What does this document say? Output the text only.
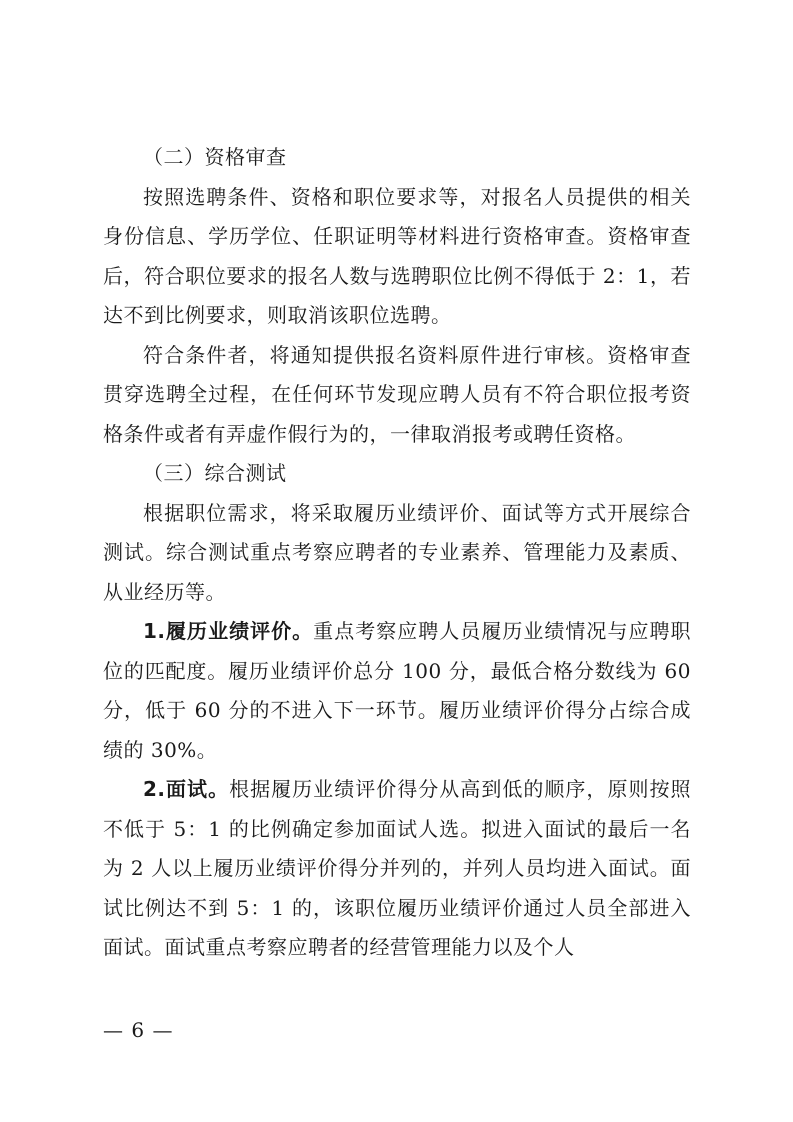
（二）资格审查

按照选聘条件、资格和职位要求等，对报名人员提供的相关身份信息、学历学位、任职证明等材料进行资格审查。资格审查后，符合职位要求的报名人数与选聘职位比例不得低于 2：1，若达不到比例要求，则取消该职位选聘。

符合条件者，将通知提供报名资料原件进行审核。资格审查贯穿选聘全过程，在任何环节发现应聘人员有不符合职位报考资格条件或者有弄虚作假行为的，一律取消报考或聘任资格。

（三）综合测试

根据职位需求，将采取履历业绩评价、面试等方式开展综合测试。综合测试重点考察应聘者的专业素养、管理能力及素质、从业经历等。

1.履历业绩评价。重点考察应聘人员履历业绩情况与应聘职位的匹配度。履历业绩评价总分 100 分，最低合格分数线为 60 分，低于 60 分的不进入下一环节。履历业绩评价得分占综合成绩的 30%。

2.面试。根据履历业绩评价得分从高到低的顺序，原则按照不低于 5：1 的比例确定参加面试人选。拟进入面试的最后一名为 2 人以上履历业绩评价得分并列的，并列人员均进入面试。面试比例达不到 5：1 的，该职位履历业绩评价通过人员全部进入面试。面试重点考察应聘者的经营管理能力以及个人

— 6 —
